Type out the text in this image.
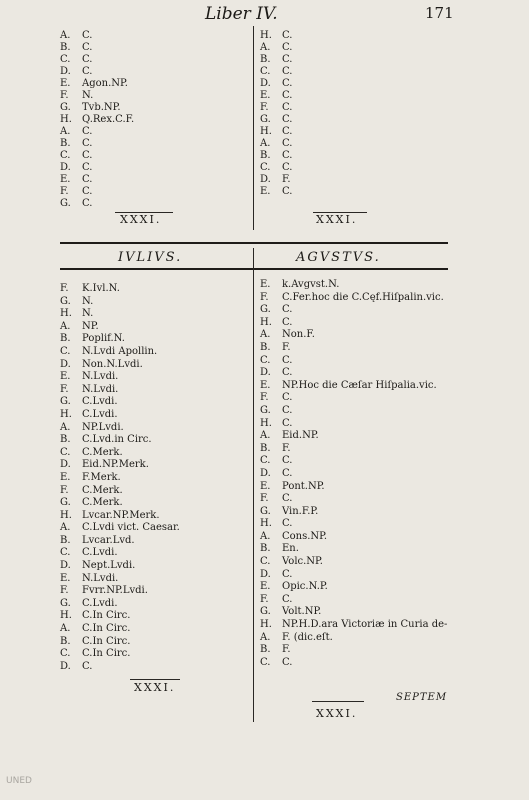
Liber IV.	171
A. C.
B. C.
C. C.
D. C.
E. Agon.NP.
F. N.
G. Tvb.NP.
H. Q.Rex.C.F.
A. C.
B. C.
C. C.
D. C.
E. C.
F. C.
G. C.
H. C.
A. C.
B. C.
C. C.
D. C.
E. C.
F. C.
G. C.
H. C.
A. C.
B. C.
C. C.
D. F.
E. C.
XXXI.	XXXI.
IVLIVS.	AGVSTVS.
F. K.Ivl.N.
G. N.
H. N.
A. NP.
B. Poplif.N.
C. N.Lvdi Apollin.
D. Non.N.Lvdi.
E. N.Lvdi.
F. N.Lvdi.
G. C.Lvdi.
H. C.Lvdi.
A. NP.Lvdi.
B. C.Lvd.in Circ.
C. C.Merk.
D. Eid.NP.Merk.
E. F.Merk.
F. C.Merk.
G. C.Merk.
H. Lvcar.NP.Merk.
A. C.Lvdi vict. Caesar.
B. Lvcar.Lvd.
C. C.Lvdi.
D. Nept.Lvdi.
E. N.Lvdi.
F. Fvrr.NP.Lvdi.
G. C.Lvdi.
H. C.In Circ.
A. C.In Circ.
B. C.In Circ.
C. C.In Circ.
D. C.
E. k.Avgvst.N.
F. C.Fer.hoc die C.Cęf.Hiſpalin.vic.
G. C.
H. C.
A. Non.F.
B. F.
C. C.
D. C.
E. NP.Hoc die Cæſar Hiſpalia.vic.
F. C.
G. C.
H. C.
A. Eid.NP.
B. F.
C. C.
D. C.
E. Pont.NP.
F. C.
G. Vin.F.P.
H. C.
A. Cons.NP.
B. En.
C. Volc.NP.
D. C.
E. Opic.N.P.
F. C.
G. Volt.NP.
H. NP.H.D.ara Victoriæ in Curia de-
A. F. (dic.eſt.
B. F.
C. C.
XXXI.
XXXI.
SEPTEM
UNED
